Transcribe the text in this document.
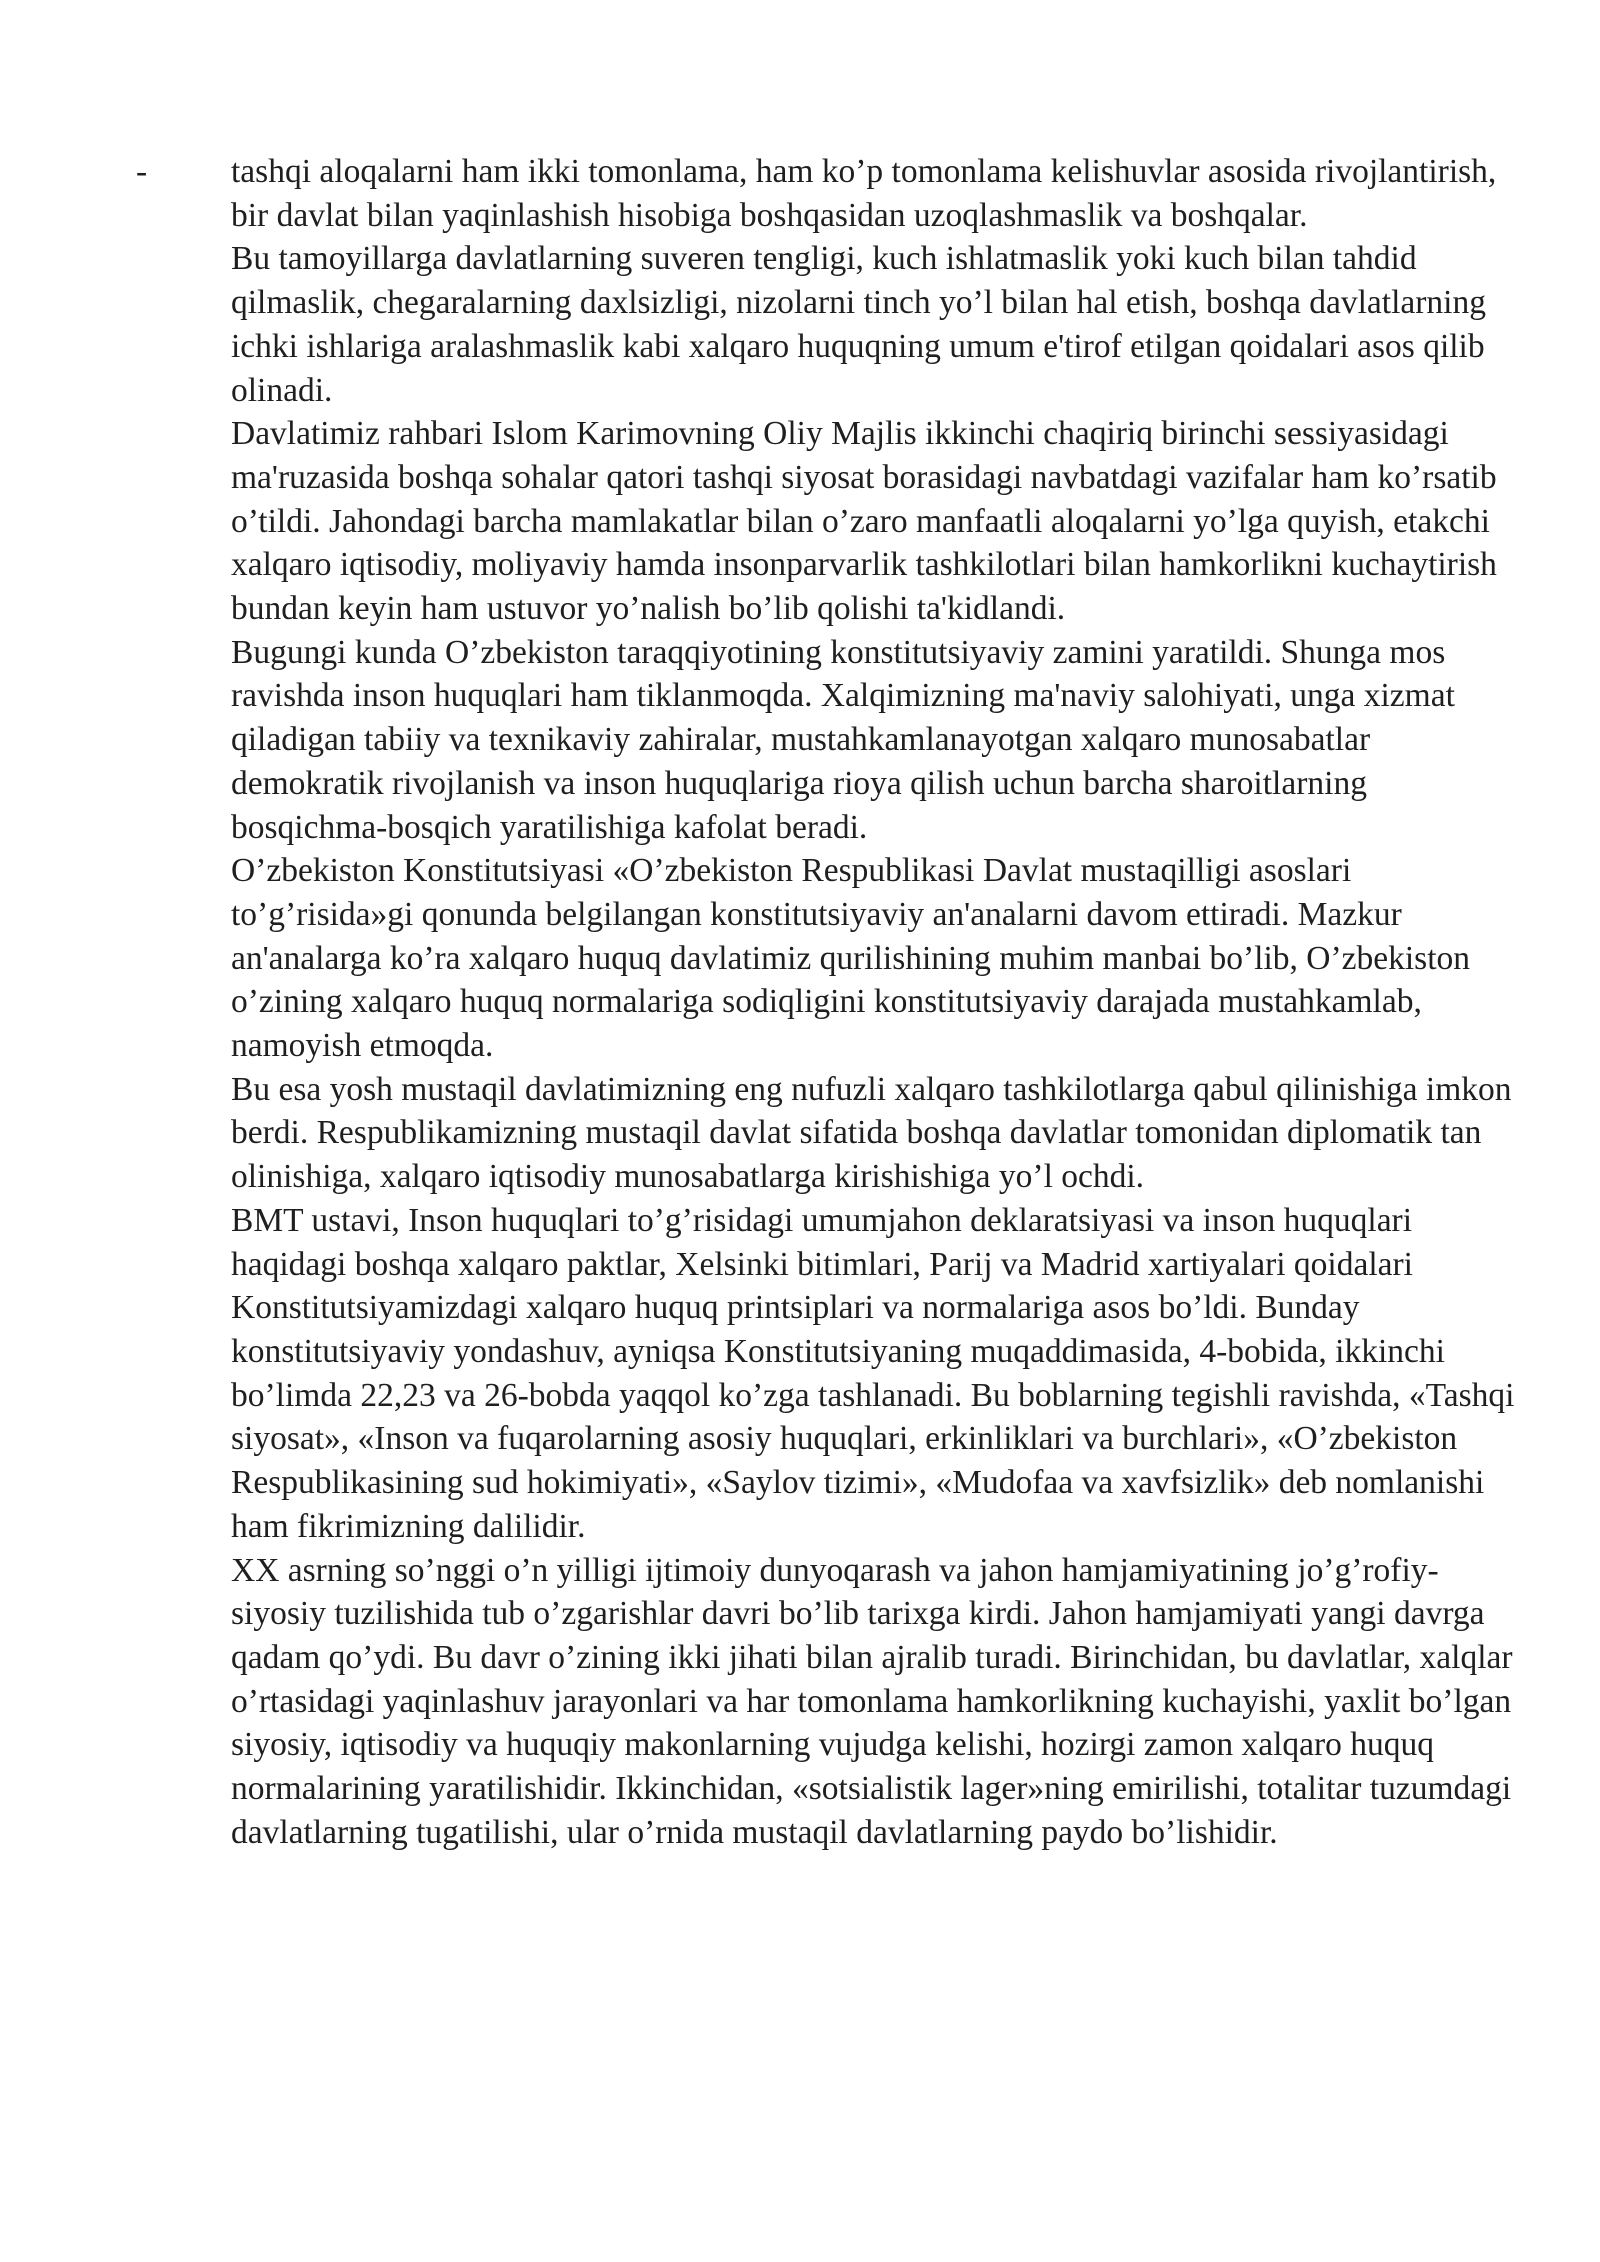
-	tashqi aloqalarni ham ikki tomonlama, ham ko’p tomonlama kelishuvlar asosida rivojlantirish, bir davlat bilan yaqinlashish hisobiga boshqasidan uzoqlashmaslik va boshqalar.

Bu tamoyillarga davlatlarning suveren tengligi, kuch ishlatmaslik yoki kuch bilan tahdid qilmaslik, chegaralarning daxlsizligi, nizolarni tinch yo’l bilan hal etish, boshqa davlatlarning ichki ishlariga aralashmaslik kabi xalqaro huquqning umum e'tirof etilgan qoidalari asos qilib olinadi.

Davlatimiz rahbari Islom Karimovning Oliy Majlis ikkinchi chaqiriq birinchi sessiyasidagi ma'ruzasida boshqa sohalar qatori tashqi siyosat borasidagi navbatdagi vazifalar ham ko’rsatib o’tildi. Jahondagi barcha mamlakatlar bilan o’zaro manfaatli aloqalarni yo’lga quyish, etakchi xalqaro iqtisodiy, moliyaviy hamda insonparvarlik tashkilotlari bilan hamkorlikni kuchaytirish bundan keyin ham ustuvor yo’nalish bo’lib qolishi ta'kidlandi.

Bugungi kunda O’zbekiston taraqqiyotining konstitutsiyaviy zamini yaratildi. Shunga mos ravishda inson huquqlari ham tiklanmoqda. Xalqimizning ma'naviy salohiyati, unga xizmat qiladigan tabiiy va texnikaviy zahiralar, mustahkamlanayotgan xalqaro munosabatlar demokratik rivojlanish va inson huquqlariga rioya qilish uchun barcha sharoitlarning bosqichma-bosqich yaratilishiga kafolat beradi.

O’zbekiston Konstitutsiyasi «O’zbekiston Respublikasi Davlat mustaqilligi asoslari to’g’risida»gi qonunda belgilangan konstitutsiyaviy an'analarni davom ettiradi. Mazkur an'analarga ko’ra xalqaro huquq davlatimiz qurilishining muhim manbai bo’lib, O’zbekiston o’zining xalqaro huquq normalariga sodiqligini konstitutsiyaviy darajada mustahkamlab, namoyish etmoqda.

Bu esa yosh mustaqil davlatimizning eng nufuzli xalqaro tashkilotlarga qabul qilinishiga imkon berdi. Respublikamizning mustaqil davlat sifatida boshqa davlatlar tomonidan diplomatik tan olinishiga, xalqaro iqtisodiy munosabatlarga kirishishiga yo’l ochdi.

BMT ustavi, Inson huquqlari to’g’risidagi umumjahon deklaratsiyasi va inson huquqlari haqidagi boshqa xalqaro paktlar, Xelsinki bitimlari, Parij va Madrid xartiyalari qoidalari Konstitutsiyamizdagi xalqaro huquq printsiplari va normalariga asos bo’ldi. Bunday konstitutsiyaviy yondashuv, ayniqsa Konstitutsiyaning muqaddimasida, 4-bobida, ikkinchi bo’limda 22,23 va 26-bobda yaqqol ko’zga tashlanadi. Bu boblarning tegishli ravishda, «Tashqi siyosat», «Inson va fuqarolarning asosiy huquqlari, erkinliklari va burchlari», «O’zbekiston Respublikasining sud hokimiyati», «Saylov tizimi», «Mudofaa va xavfsizlik» deb nomlanishi ham fikrimizning dalilidir.

XX asrning so’nggi o’n yilligi ijtimoiy dunyoqarash va jahon hamjamiyatining jo’g’rofiy-siyosiy tuzilishida tub o’zgarishlar davri bo’lib tarixga kirdi. Jahon hamjamiyati yangi davrga qadam qo’ydi. Bu davr o’zining ikki jihati bilan ajralib turadi. Birinchidan, bu davlatlar, xalqlar o’rtasidagi yaqinlashuv jarayonlari va har tomonlama hamkorlikning kuchayishi, yaxlit bo’lgan siyosiy, iqtisodiy va huquqiy makonlarning vujudga kelishi, hozirgi zamon xalqaro huquq normalarining yaratilishidir. Ikkinchidan, «sotsialistik lager»ning emirilishi, totalitar tuzumdagi davlatlarning tugatilishi, ular o’rnida mustaqil davlatlarning paydo bo’lishidir.
